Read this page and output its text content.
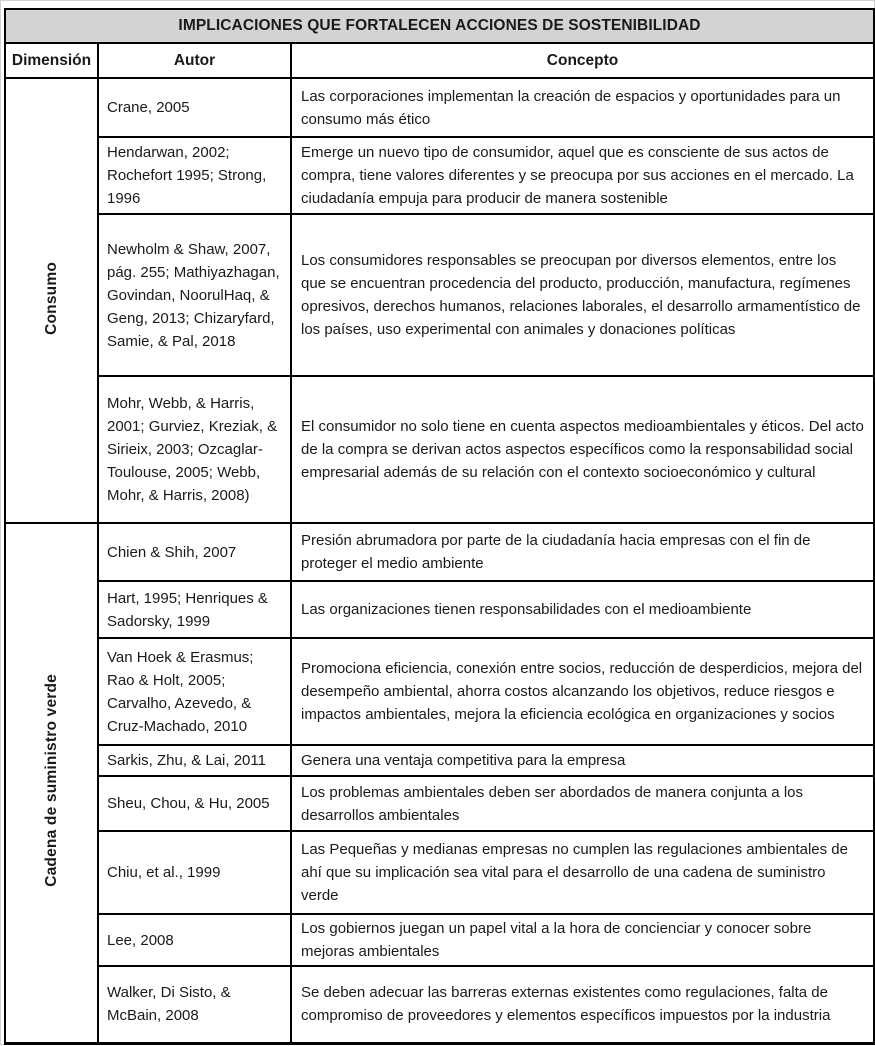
IMPLICACIONES QUE FORTALECEN ACCIONES DE SOSTENIBILIDAD		
Dimensión	Autor	Concepto
Consumo	Crane, 2005	Las corporaciones implementan la creación de espacios y oportunidades para un consumo más ético
	Hendarwan, 2002; Rochefort 1995; Strong, 1996	Emerge un nuevo tipo de consumidor, aquel que es consciente de sus actos de compra, tiene valores diferentes y se preocupa por sus acciones en el mercado. La ciudadanía empuja para producir de manera sostenible
	Newholm & Shaw, 2007, pág. 255; Mathiyazhagan, Govindan, NoorulHaq, & Geng, 2013; Chizaryfard, Samie, & Pal, 2018	Los consumidores responsables se preocupan por diversos elementos, entre los que se encuentran procedencia del producto, producción, manufactura, regímenes opresivos, derechos humanos, relaciones laborales, el desarrollo armamentístico de los países, uso experimental con animales y donaciones políticas
	Mohr, Webb, & Harris, 2001; Gurviez, Kreziak, & Sirieix, 2003; Ozcaglar-Toulouse, 2005; Webb, Mohr, & Harris, 2008)	El consumidor no solo tiene en cuenta aspectos medioambientales y éticos. Del acto de la compra se derivan actos aspectos específicos como la responsabilidad social empresarial además de su relación con el contexto socioeconómico y cultural
Cadena de suministro verde	Chien & Shih, 2007	Presión abrumadora por parte de la ciudadanía hacia empresas con el fin de proteger el medio ambiente
	Hart, 1995; Henriques & Sadorsky, 1999	Las organizaciones tienen responsabilidades con el medioambiente
	Van Hoek & Erasmus; Rao & Holt, 2005; Carvalho, Azevedo, & Cruz-Machado, 2010	Promociona eficiencia, conexión entre socios, reducción de desperdicios, mejora del desempeño ambiental, ahorra costos alcanzando los objetivos, reduce riesgos e impactos ambientales, mejora la eficiencia ecológica en organizaciones y socios
	Sarkis, Zhu, & Lai, 2011	Genera una ventaja competitiva para la empresa
	Sheu, Chou, & Hu, 2005	Los problemas ambientales deben ser abordados de manera conjunta a los desarrollos ambientales
	Chiu, et al., 1999	Las Pequeñas y medianas empresas no cumplen las regulaciones ambientales de ahí que su implicación sea vital para el desarrollo de una cadena de suministro verde
	Lee, 2008	Los gobiernos juegan un papel vital a la hora de concienciar y conocer sobre mejoras ambientales
	Walker, Di Sisto, & McBain, 2008	Se deben adecuar las barreras externas existentes como regulaciones, falta de compromiso de proveedores y elementos específicos impuestos por la industria
